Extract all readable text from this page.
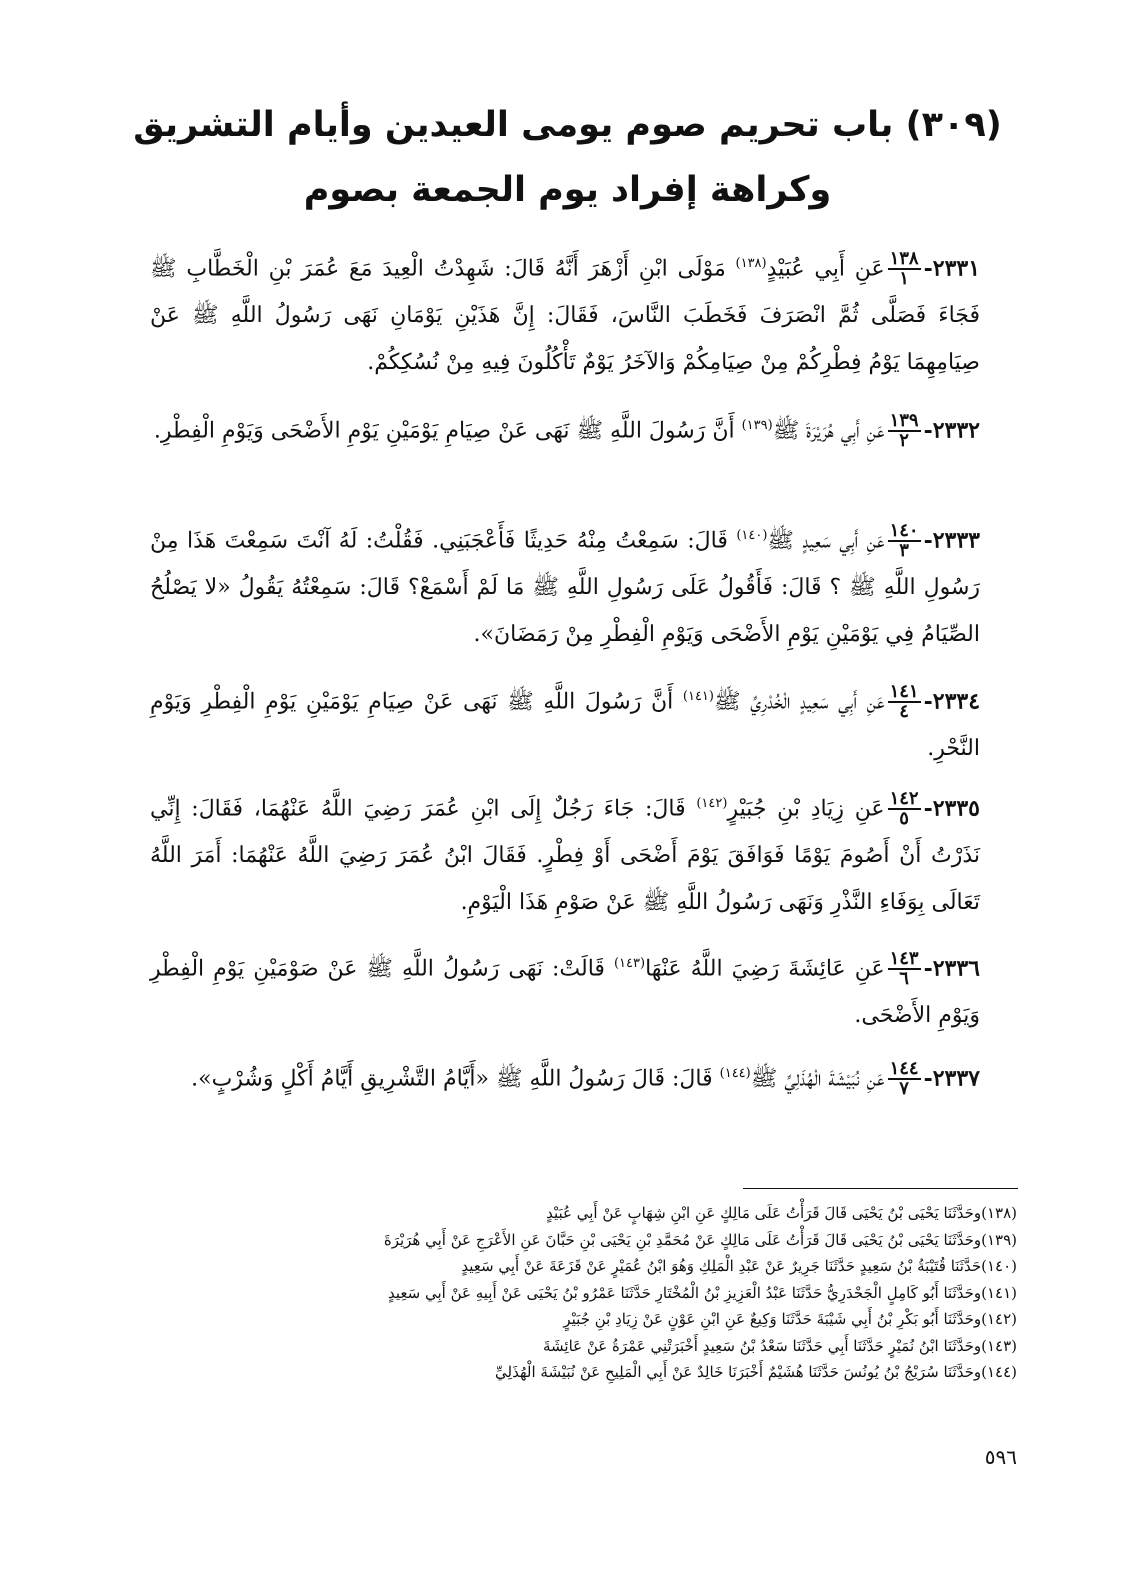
(٣٠٩) باب تحريم صوم يومى العيدين وأيام التشريق
وكراهة إفراد يوم الجمعة بصوم
٢٣٣١-
$\frac{١٣٨}{١}$
عَنِ أَبِي عُبَيْدٍ$^{(١٣٨)}$ مَوْلَى ابْنِ أَزْهَرَ أَنَّهُ قَالَ: شَهِدْتُ الْعِيدَ مَعَ عُمَرَ بْنِ الْخَطَّابِ ﷺ فَجَاءَ فَصَلَّى ثُمَّ انْصَرَفَ فَخَطَبَ النَّاسَ، فَقَالَ: إِنَّ هَذَيْنِ يَوْمَانِ نَهَى رَسُولُ اللَّهِ ﷺ عَنْ صِيَامِهِمَا يَوْمُ فِطْرِكُمْ مِنْ صِيَامِكُمْ وَالآخَرُ يَوْمٌ تَأْكُلُونَ فِيهِ مِنْ نُسُكِكُمْ.
٢٣٣٢-
$\frac{١٣٩}{٢}$
عَنِ أَبِي هُرَيْرَةَ ﷺ$^{(١٣٩)}$ أَنَّ رَسُولَ اللَّهِ ﷺ نَهَى عَنْ صِيَامِ يَوْمَيْنِ يَوْمِ الأَضْحَى وَيَوْمِ الْفِطْرِ.
٢٣٣٣-
$\frac{١٤٠}{٣}$
عَنِ أَبِي سَعِيدٍ ﷺ$^{(١٤٠)}$ قَالَ: سَمِعْتُ مِنْهُ حَدِيثًا فَأَعْجَبَنِي. فَقُلْتُ: لَهُ آنْتَ سَمِعْتَ هَذَا مِنْ رَسُولِ اللَّهِ ﷺ ؟ قَالَ: فَأَقُولُ عَلَى رَسُولِ اللَّهِ ﷺ مَا لَمْ أَسْمَعْ؟ قَالَ: سَمِعْتُهُ يَقُولُ «لا يَصْلُحُ الصِّيَامُ فِي يَوْمَيْنِ يَوْمِ الأَضْحَى وَيَوْمِ الْفِطْرِ مِنْ رَمَضَانَ».
٢٣٣٤-
$\frac{١٤١}{٤}$
عَنِ أَبِي سَعِيدٍ الْخُدْرِيِّ ﷺ$^{(١٤١)}$ أَنَّ رَسُولَ اللَّهِ ﷺ نَهَى عَنْ صِيَامِ يَوْمَيْنِ يَوْمِ الْفِطْرِ وَيَوْمِ النَّحْرِ.
٢٣٣٥-
$\frac{١٤٢}{٥}$
عَنِ زِيَادِ بْنِ جُبَيْرٍ$^{(١٤٢)}$ قَالَ: جَاءَ رَجُلٌ إِلَى ابْنِ عُمَرَ رَضِيَ اللَّهُ عَنْهُمَا، فَقَالَ: إِنِّي نَذَرْتُ أَنْ أَصُومَ يَوْمًا فَوَافَقَ يَوْمَ أَضْحَى أَوْ فِطْرٍ. فَقَالَ ابْنُ عُمَرَ رَضِيَ اللَّهُ عَنْهُمَا: أَمَرَ اللَّهُ تَعَالَى بِوَفَاءِ النَّذْرِ وَنَهَى رَسُولُ اللَّهِ ﷺ عَنْ صَوْمِ هَذَا الْيَوْمِ.
٢٣٣٦-
$\frac{١٤٣}{٦}$
عَنِ عَائِشَةَ رَضِيَ اللَّهُ عَنْهَا$^{(١٤٣)}$ قَالَتْ: نَهَى رَسُولُ اللَّهِ ﷺ عَنْ صَوْمَيْنِ يَوْمِ الْفِطْرِ وَيَوْمِ الأَضْحَى.
٢٣٣٧-
$\frac{١٤٤}{٧}$
عَنِ نُبَيْشَةَ الْهُذَلِيِّ ﷺ$^{(١٤٤)}$ قَالَ: قَالَ رَسُولُ اللَّهِ ﷺ «أَيَّامُ التَّشْرِيقِ أَيَّامُ أَكْلٍ وَشُرْبٍ».
(١٣٨)وحَدَّثَنَا يَحْيَى بْنُ يَحْيَى قَالَ قَرَأْتُ عَلَى مَالِكٍ عَنِ ابْنِ شِهَابٍ عَنْ أَبِي عُبَيْدٍ
(١٣٩)وحَدَّثَنَا يَحْيَى بْنُ يَحْيَى قَالَ قَرَأْتُ عَلَى مَالِكٍ عَنْ مُحَمَّدِ بْنِ يَحْيَى بْنِ حَبَّانَ عَنِ الأَعْرَجِ عَنْ أَبِي هُرَيْرَةَ
(١٤٠)حَدَّثَنَا قُتَيْبَةُ بْنُ سَعِيدٍ حَدَّثَنَا جَرِيرٌ عَنْ عَبْدِ الْمَلِكِ وَهُوَ ابْنُ عُمَيْرٍ عَنْ قَزَعَةَ عَنْ أَبِي سَعِيدٍ
(١٤١)وحَدَّثَنَا أَبُو كَامِلٍ الْجَحْدَرِيُّ حَدَّثَنَا عَبْدُ الْعَزِيزِ بْنُ الْمُخْتَارِ حَدَّثَنَا عَمْرُو بْنُ يَحْيَى عَنْ أَبِيهِ عَنْ أَبِي سَعِيدٍ
(١٤٢)وحَدَّثَنَا أَبُو بَكْرِ بْنُ أَبِي شَيْبَةَ حَدَّثَنَا وَكِيعٌ عَنِ ابْنِ عَوْنٍ عَنْ زِيَادِ بْنِ جُبَيْرٍ
(١٤٣)وحَدَّثَنَا ابْنُ نُمَيْرٍ حَدَّثَنَا أَبِي حَدَّثَنَا سَعْدُ بْنُ سَعِيدٍ أَخْبَرَتْنِي عَمْرَةُ عَنْ عَائِشَةَ
(١٤٤)وحَدَّثَنَا سُرَيْجُ بْنُ يُونُسَ حَدَّثَنَا هُشَيْمٌ أَخْبَرَنَا خَالِدٌ عَنْ أَبِي الْمَلِيحِ عَنْ نُبَيْشَةَ الْهُذَلِيِّ
٥٩٦
